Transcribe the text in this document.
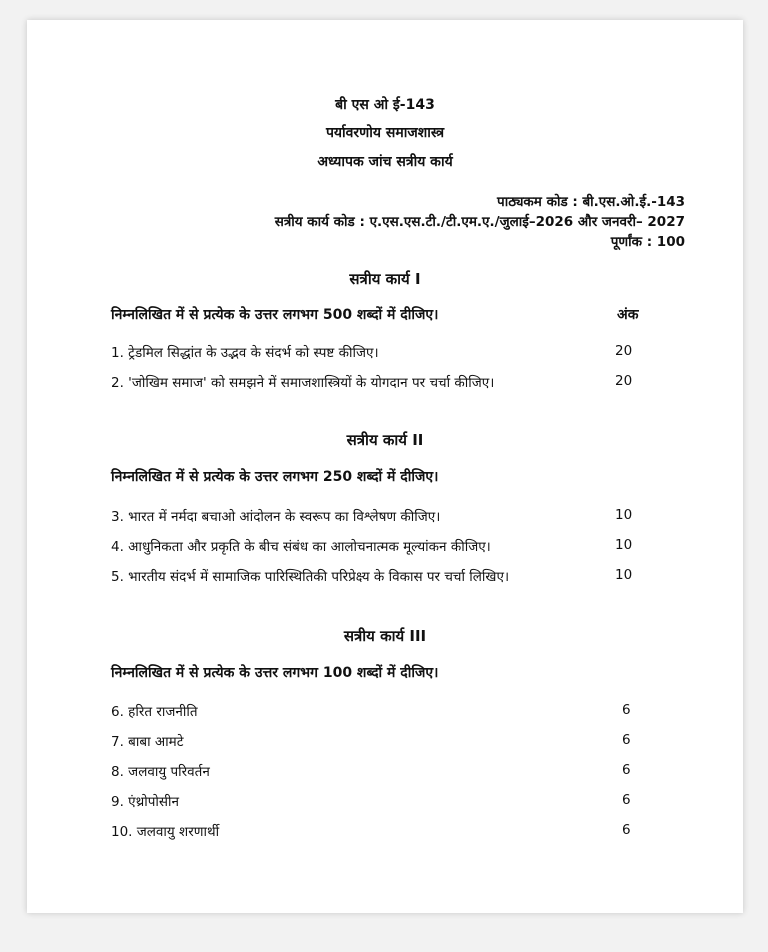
बी एस ओ ई-143
पर्यावरणोय समाजशास्त्र
अध्यापक जांच सत्रीय कार्य
पाठ्यकम कोड : बी.एस.ओ.ई.-143
सत्रीय कार्य कोड : ए.एस.एस.टी./टी.एम.ए./जुलाई–2026 और जनवरी– 2027
पूर्णांक : 100
सत्रीय कार्य I
निम्नलिखित में से प्रत्येक के उत्तर लगभग 500 शब्दों में दीजिए।	अंक
1. ट्रेडमिल सिद्धांत के उद्भव के संदर्भ को स्पष्ट कीजिए।	20
2. 'जोखिम समाज' को समझने में समाजशास्त्रियों के योगदान पर चर्चा कीजिए।	20
सत्रीय कार्य II
निम्नलिखित में से प्रत्येक के उत्तर लगभग 250 शब्दों में दीजिए।
3. भारत में नर्मदा बचाओ आंदोलन के स्वरूप का विश्लेषण कीजिए।	10
4. आधुनिकता और प्रकृति के बीच संबंध का आलोचनात्मक मूल्यांकन कीजिए।	10
5. भारतीय संदर्भ में सामाजिक पारिस्थितिकी परिप्रेक्ष्य के विकास पर चर्चा लिखिए।	10
सत्रीय कार्य III
निम्नलिखित में से प्रत्येक के उत्तर लगभग 100 शब्दों में दीजिए।
6. हरित राजनीति	6
7. बाबा आमटे	6
8. जलवायु परिवर्तन	6
9. एंथ्रोपोसीन	6
10. जलवायु शरणार्थी	6
